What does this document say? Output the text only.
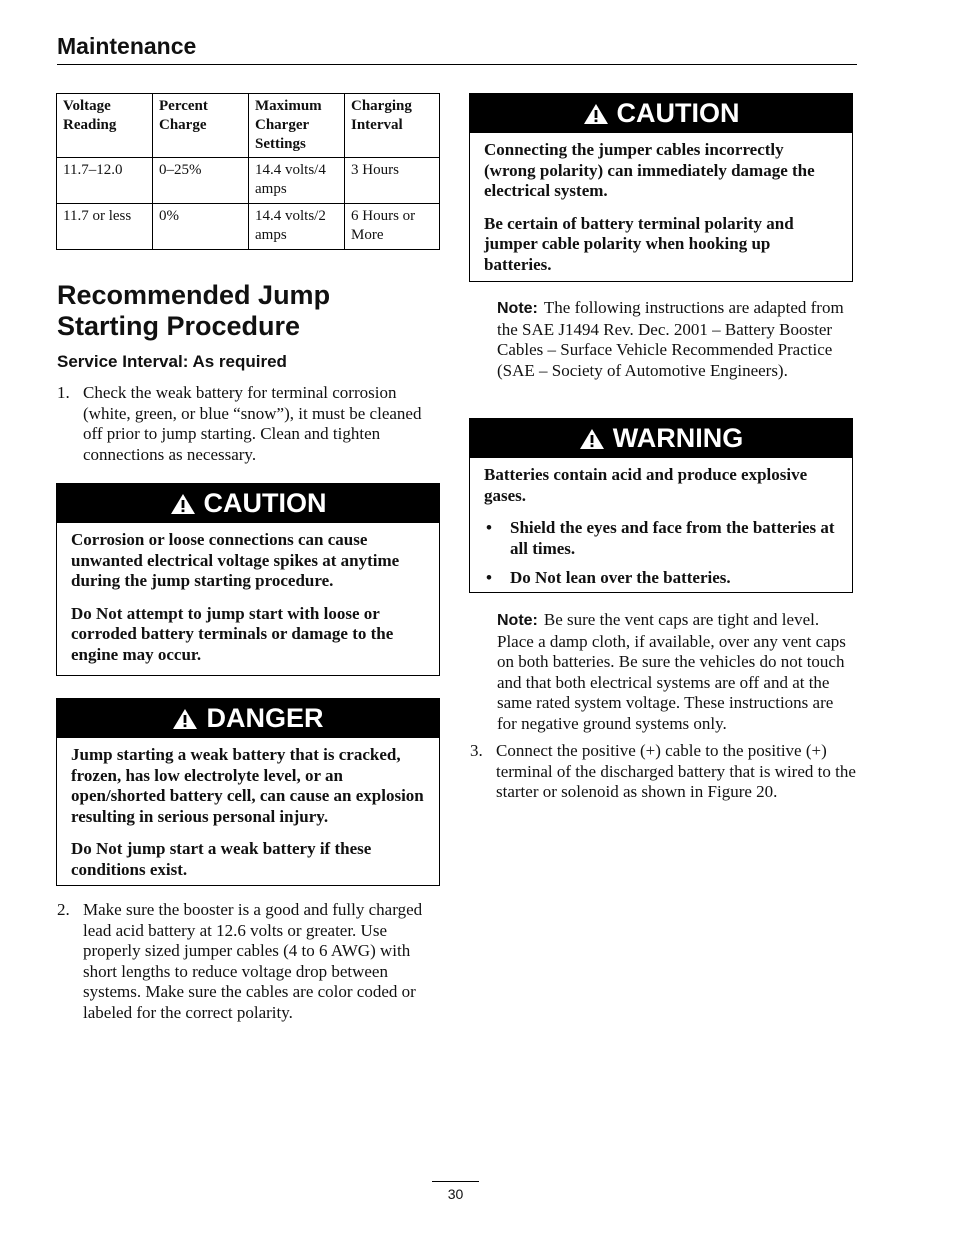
Maintenance
Voltage Reading	Percent Charge	Maximum Charger Settings	Charging Interval
11.7–12.0	0–25%	14.4 volts/4 amps	3 Hours
11.7 or less	0%	14.4 volts/2 amps	6 Hours or More
Recommended Jump
Starting Procedure
Service Interval: As required
1. Check the weak battery for terminal corrosion (white, green, or blue “snow”), it must be cleaned off prior to jump starting. Clean and tighten connections as necessary.
CAUTION

Corrosion or loose connections can cause unwanted electrical voltage spikes at anytime during the jump starting procedure.

Do Not attempt to jump start with loose or corroded battery terminals or damage to the engine may occur.

DANGER

Jump starting a weak battery that is cracked, frozen, has low electrolyte level, or an open/shorted battery cell, can cause an explosion resulting in serious personal injury.

Do Not jump start a weak battery if these conditions exist.

2. Make sure the booster is a good and fully charged lead acid battery at 12.6 volts or greater. Use properly sized jumper cables (4 to 6 AWG) with short lengths to reduce voltage drop between systems. Make sure the cables are color coded or labeled for the correct polarity.
CAUTION

Connecting the jumper cables incorrectly (wrong polarity) can immediately damage the electrical system.

Be certain of battery terminal polarity and jumper cable polarity when hooking up batteries.

Note: The following instructions are adapted from the SAE J1494 Rev. Dec. 2001 – Battery Booster Cables – Surface Vehicle Recommended Practice (SAE – Society of Automotive Engineers).
WARNING

Batteries contain acid and produce explosive gases.

• Shield the eyes and face from the batteries at all times.
• Do Not lean over the batteries.
Note: Be sure the vent caps are tight and level. Place a damp cloth, if available, over any vent caps on both batteries. Be sure the vehicles do not touch and that both electrical systems are off and at the same rated system voltage. These instructions are for negative ground systems only.
3. Connect the positive (+) cable to the positive (+) terminal of the discharged battery that is wired to the starter or solenoid as shown in Figure 20.
30
